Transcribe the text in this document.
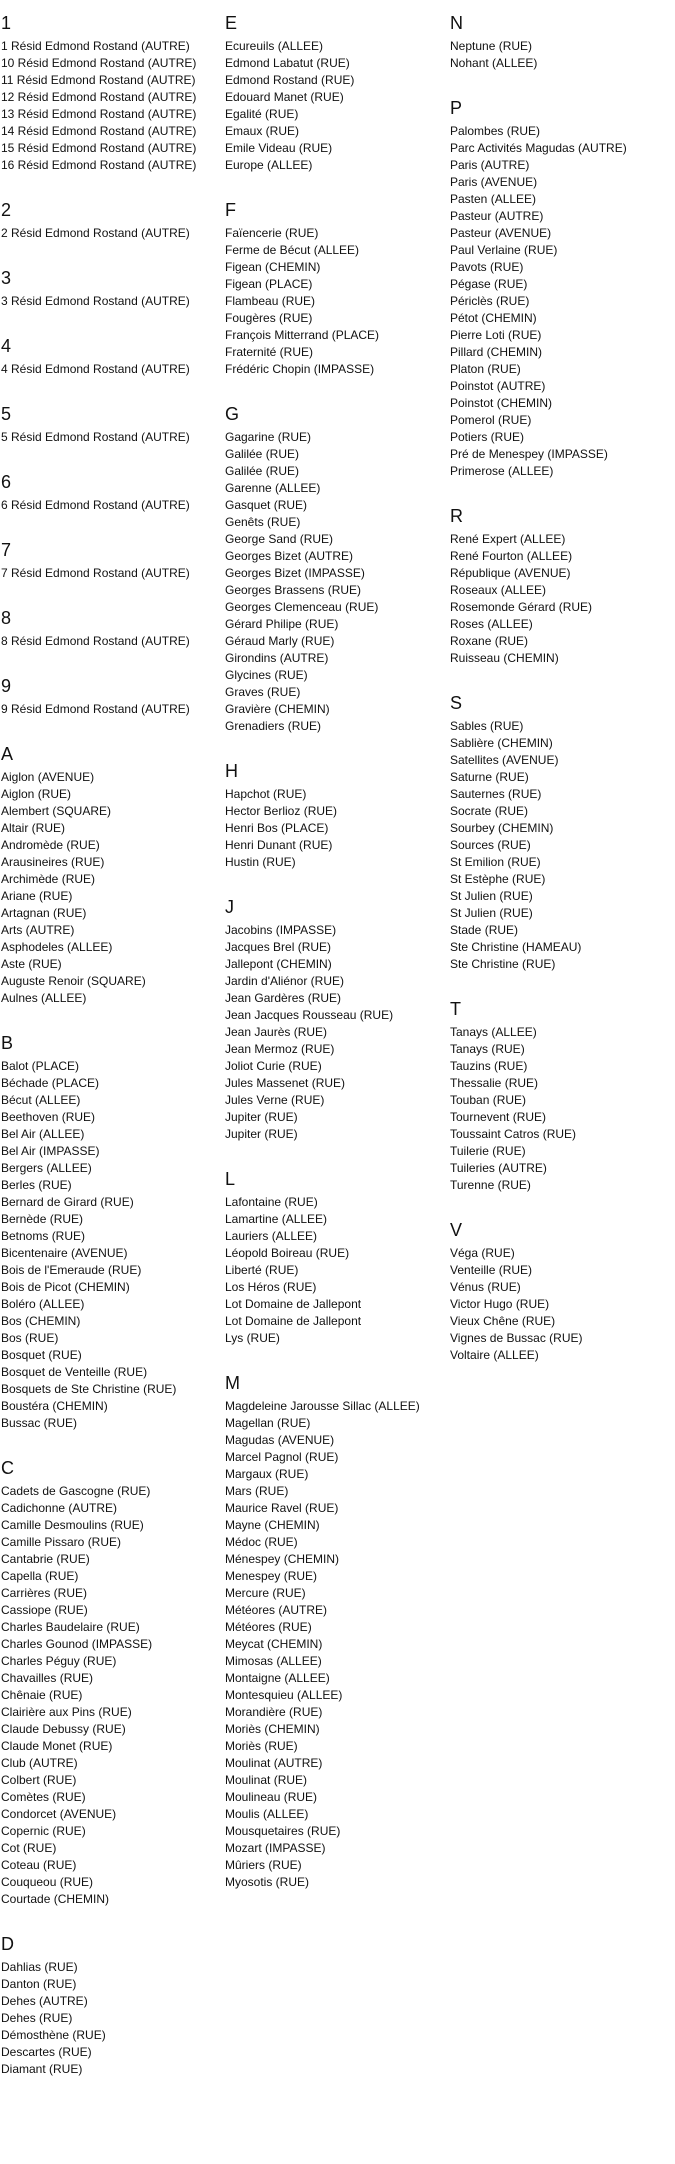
1
1 Résid Edmond Rostand (AUTRE)
10 Résid Edmond Rostand (AUTRE)
11 Résid Edmond Rostand (AUTRE)
12 Résid Edmond Rostand (AUTRE)
13 Résid Edmond Rostand (AUTRE)
14 Résid Edmond Rostand (AUTRE)
15 Résid Edmond Rostand (AUTRE)
16 Résid Edmond Rostand (AUTRE)
2
2 Résid Edmond Rostand (AUTRE)
3
3 Résid Edmond Rostand (AUTRE)
4
4 Résid Edmond Rostand (AUTRE)
5
5 Résid Edmond Rostand (AUTRE)
6
6 Résid Edmond Rostand (AUTRE)
7
7 Résid Edmond Rostand (AUTRE)
8
8 Résid Edmond Rostand (AUTRE)
9
9 Résid Edmond Rostand (AUTRE)
A
Aiglon (AVENUE)
Aiglon (RUE)
Alembert (SQUARE)
Altair (RUE)
Andromède (RUE)
Arausineires (RUE)
Archimède (RUE)
Ariane (RUE)
Artagnan (RUE)
Arts (AUTRE)
Asphodeles (ALLEE)
Aste (RUE)
Auguste Renoir (SQUARE)
Aulnes (ALLEE)
B
Balot (PLACE)
Béchade (PLACE)
Bécut (ALLEE)
Beethoven (RUE)
Bel Air (ALLEE)
Bel Air (IMPASSE)
Bergers (ALLEE)
Berles (RUE)
Bernard de Girard (RUE)
Bernède (RUE)
Betnoms (RUE)
Bicentenaire (AVENUE)
Bois de l'Emeraude (RUE)
Bois de Picot (CHEMIN)
Boléro (ALLEE)
Bos (CHEMIN)
Bos (RUE)
Bosquet (RUE)
Bosquet de Venteille (RUE)
Bosquets de Ste Christine (RUE)
Boustéra (CHEMIN)
Bussac (RUE)
C
Cadets de Gascogne (RUE)
Cadichonne (AUTRE)
Camille Desmoulins (RUE)
Camille Pissaro (RUE)
Cantabrie (RUE)
Capella (RUE)
Carrières (RUE)
Cassiope (RUE)
Charles Baudelaire (RUE)
Charles Gounod (IMPASSE)
Charles Péguy (RUE)
Chavailles (RUE)
Chênaie (RUE)
Clairière aux Pins (RUE)
Claude Debussy (RUE)
Claude Monet (RUE)
Club (AUTRE)
Colbert (RUE)
Comètes (RUE)
Condorcet (AVENUE)
Copernic (RUE)
Cot (RUE)
Coteau (RUE)
Couqueou (RUE)
Courtade (CHEMIN)
D
Dahlias (RUE)
Danton (RUE)
Dehes (AUTRE)
Dehes (RUE)
Démosthène (RUE)
Descartes (RUE)
Diamant (RUE)
E
Ecureuils (ALLEE)
Edmond Labatut (RUE)
Edmond Rostand (RUE)
Edouard Manet (RUE)
Egalité (RUE)
Emaux (RUE)
Emile Videau (RUE)
Europe (ALLEE)
F
Faïencerie (RUE)
Ferme de Bécut (ALLEE)
Figean (CHEMIN)
Figean (PLACE)
Flambeau (RUE)
Fougères (RUE)
François Mitterrand (PLACE)
Fraternité (RUE)
Frédéric Chopin (IMPASSE)
G
Gagarine (RUE)
Galilée (RUE)
Galilée (RUE)
Garenne (ALLEE)
Gasquet (RUE)
Genêts (RUE)
George Sand (RUE)
Georges Bizet (AUTRE)
Georges Bizet (IMPASSE)
Georges Brassens (RUE)
Georges Clemenceau (RUE)
Gérard Philipe (RUE)
Géraud Marly (RUE)
Girondins (AUTRE)
Glycines (RUE)
Graves (RUE)
Gravière (CHEMIN)
Grenadiers (RUE)
H
Hapchot (RUE)
Hector Berlioz (RUE)
Henri Bos (PLACE)
Henri Dunant (RUE)
Hustin (RUE)
J
Jacobins (IMPASSE)
Jacques Brel (RUE)
Jallepont (CHEMIN)
Jardin d'Aliénor (RUE)
Jean Gardères (RUE)
Jean Jacques Rousseau (RUE)
Jean Jaurès (RUE)
Jean Mermoz (RUE)
Joliot Curie (RUE)
Jules Massenet (RUE)
Jules Verne (RUE)
Jupiter (RUE)
Jupiter (RUE)
L
Lafontaine (RUE)
Lamartine (ALLEE)
Lauriers (ALLEE)
Léopold Boireau (RUE)
Liberté (RUE)
Los Héros (RUE)
Lot Domaine de Jallepont
Lot Domaine de Jallepont
Lys (RUE)
M
Magdeleine Jarousse Sillac (ALLEE)
Magellan (RUE)
Magudas (AVENUE)
Marcel Pagnol (RUE)
Margaux (RUE)
Mars (RUE)
Maurice Ravel (RUE)
Mayne (CHEMIN)
Médoc (RUE)
Ménespey (CHEMIN)
Menespey (RUE)
Mercure (RUE)
Météores (AUTRE)
Météores (RUE)
Meycat (CHEMIN)
Mimosas (ALLEE)
Montaigne (ALLEE)
Montesquieu (ALLEE)
Morandière (RUE)
Moriès (CHEMIN)
Moriès (RUE)
Moulinat (AUTRE)
Moulinat (RUE)
Moulineau (RUE)
Moulis (ALLEE)
Mousquetaires (RUE)
Mozart (IMPASSE)
Mûriers (RUE)
Myosotis (RUE)
N
Neptune (RUE)
Nohant (ALLEE)
P
Palombes (RUE)
Parc Activités Magudas (AUTRE)
Paris (AUTRE)
Paris (AVENUE)
Pasten (ALLEE)
Pasteur (AUTRE)
Pasteur (AVENUE)
Paul Verlaine (RUE)
Pavots (RUE)
Pégase (RUE)
Périclès (RUE)
Pétot (CHEMIN)
Pierre Loti (RUE)
Pillard (CHEMIN)
Platon (RUE)
Poinstot (AUTRE)
Poinstot (CHEMIN)
Pomerol (RUE)
Potiers (RUE)
Pré de Menespey (IMPASSE)
Primerose (ALLEE)
R
René Expert (ALLEE)
René Fourton (ALLEE)
République (AVENUE)
Roseaux (ALLEE)
Rosemonde Gérard (RUE)
Roses (ALLEE)
Roxane (RUE)
Ruisseau (CHEMIN)
S
Sables (RUE)
Sablière (CHEMIN)
Satellites (AVENUE)
Saturne (RUE)
Sauternes (RUE)
Socrate (RUE)
Sourbey (CHEMIN)
Sources (RUE)
St Emilion (RUE)
St Estèphe (RUE)
St Julien (RUE)
St Julien (RUE)
Stade (RUE)
Ste Christine (HAMEAU)
Ste Christine (RUE)
T
Tanays (ALLEE)
Tanays (RUE)
Tauzins (RUE)
Thessalie (RUE)
Touban (RUE)
Tournevent (RUE)
Toussaint Catros (RUE)
Tuilerie (RUE)
Tuileries (AUTRE)
Turenne (RUE)
V
Véga (RUE)
Venteille (RUE)
Vénus (RUE)
Victor Hugo (RUE)
Vieux Chêne (RUE)
Vignes de Bussac (RUE)
Voltaire (ALLEE)
